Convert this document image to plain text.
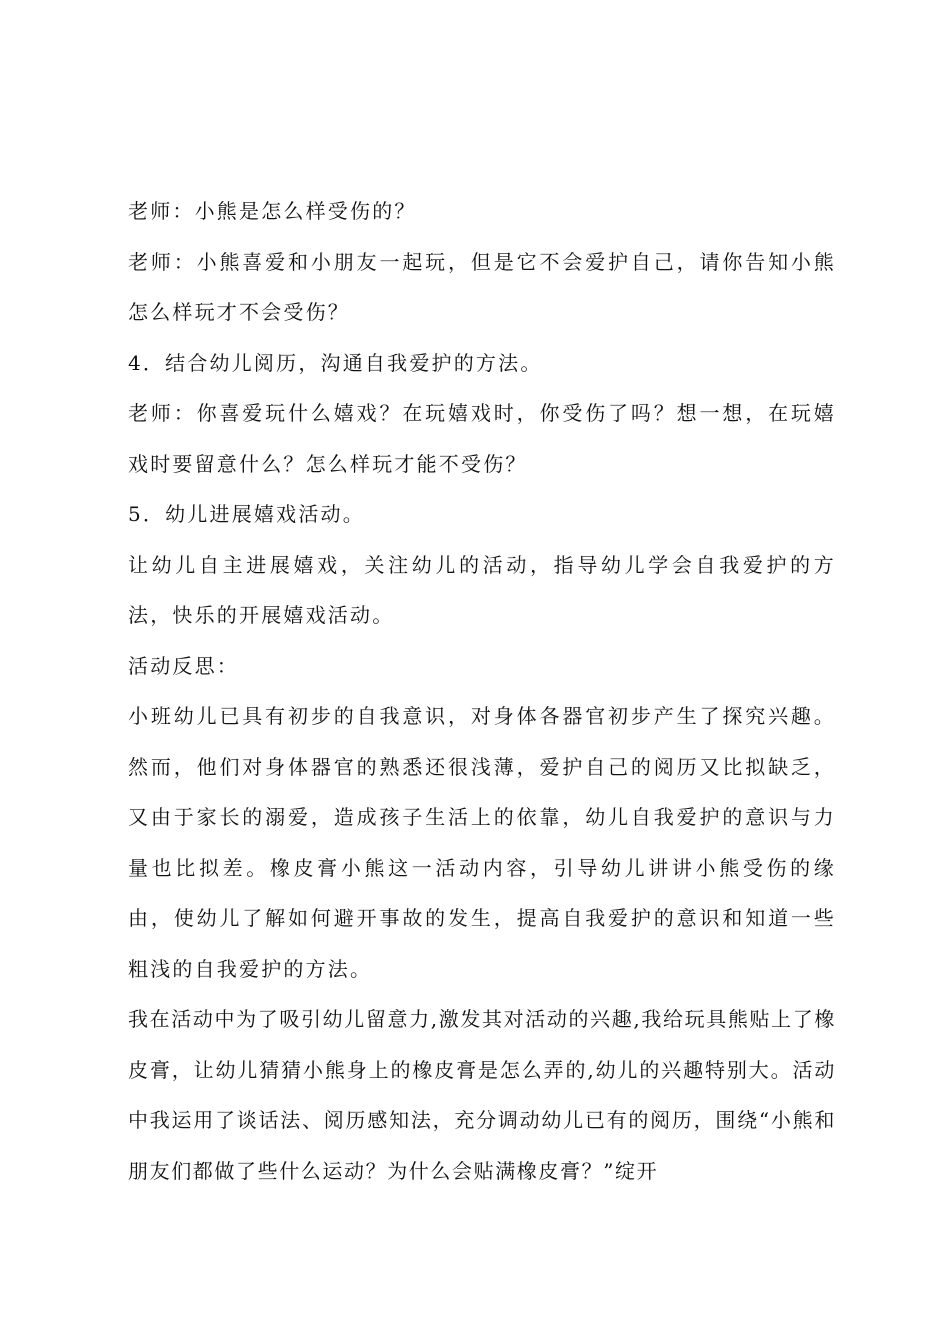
老师：小熊是怎么样受伤的？

老师：小熊喜爱和小朋友一起玩，但是它不会爱护自己，请你告知小熊怎么样玩才不会受伤？

4．结合幼儿阅历，沟通自我爱护的方法。

老师：你喜爱玩什么嬉戏？在玩嬉戏时，你受伤了吗？想一想，在玩嬉戏时要留意什么？怎么样玩才能不受伤？

5．幼儿进展嬉戏活动。

让幼儿自主进展嬉戏，关注幼儿的活动，指导幼儿学会自我爱护的方法，快乐的开展嬉戏活动。

活动反思：

小班幼儿已具有初步的自我意识，对身体各器官初步产生了探究兴趣。然而，他们对身体器官的熟悉还很浅薄，爱护自己的阅历又比拟缺乏，又由于家长的溺爱，造成孩子生活上的依靠，幼儿自我爱护的意识与力量也比拟差。橡皮膏小熊这一活动内容，引导幼儿讲讲小熊受伤的缘由，使幼儿了解如何避开事故的发生，提高自我爱护的意识和知道一些粗浅的自我爱护的方法。

我在活动中为了吸引幼儿留意力,激发其对活动的兴趣,我给玩具熊贴上了橡皮膏，让幼儿猜猜小熊身上的橡皮膏是怎么弄的,幼儿的兴趣特别大。活动中我运用了谈话法、阅历感知法，充分调动幼儿已有的阅历，围绕“小熊和朋友们都做了些什么运动？为什么会贴满橡皮膏？”绽开
